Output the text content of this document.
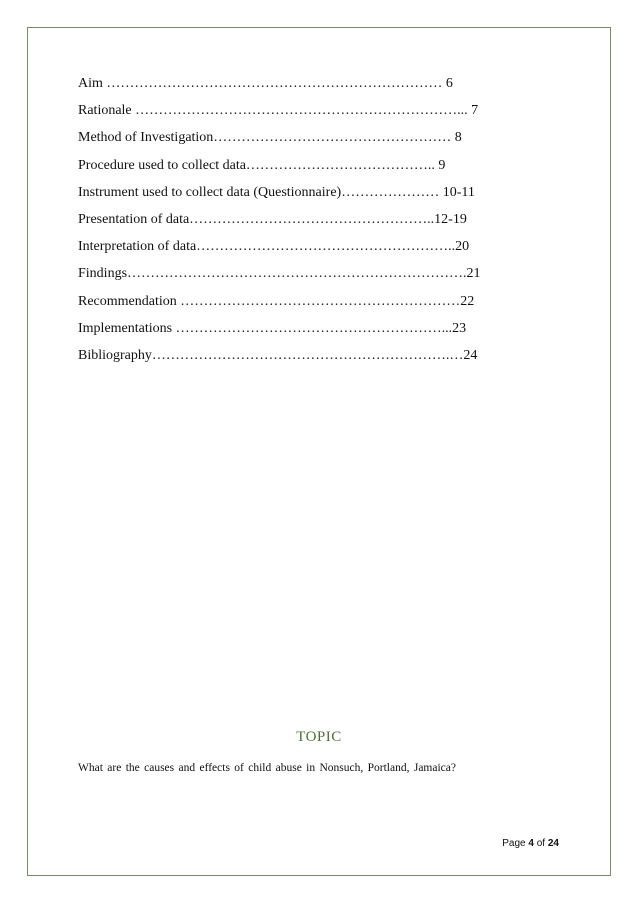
Aim ……………………………………………………………… 6
Rationale ……………………………………………………………... 7
Method of Investigation…………………………………………… 8
Procedure used to collect data………………………………….. 9
Instrument used to collect data (Questionnaire)………………… 10-11
Presentation of data……………………………………………..12-19
Interpretation of data………………………………………………..20
Findings……………………………………………………………….21
Recommendation ……………………………………………………22
Implementations …………………………………………………...23
Bibliography……………………………………………………….…24
TOPIC
What are the causes and effects of child abuse in Nonsuch, Portland, Jamaica?
Page 4 of 24
